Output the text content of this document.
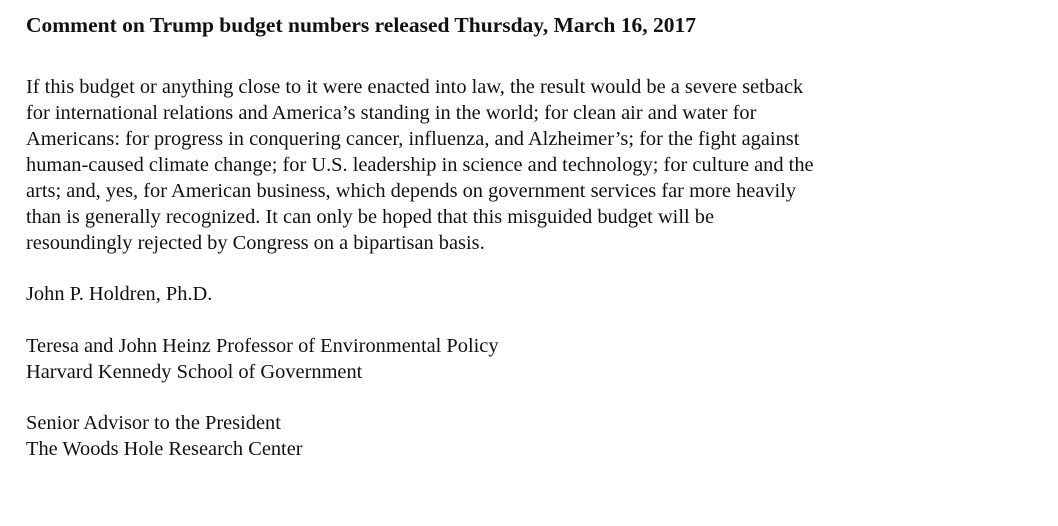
Comment on Trump budget numbers released Thursday, March 16, 2017

If this budget or anything close to it were enacted into law, the result would be a severe setback
for international relations and America’s standing in the world; for clean air and water for
Americans: for progress in conquering cancer, influenza, and Alzheimer’s; for the fight against
human-caused climate change; for U.S. leadership in science and technology; for culture and the
arts; and, yes, for American business, which depends on government services far more heavily
than is generally recognized. It can only be hoped that this misguided budget will be
resoundingly rejected by Congress on a bipartisan basis.
John P. Holdren, Ph.D.
Teresa and John Heinz Professor of Environmental Policy
Harvard Kennedy School of Government
Senior Advisor to the President
The Woods Hole Research Center
